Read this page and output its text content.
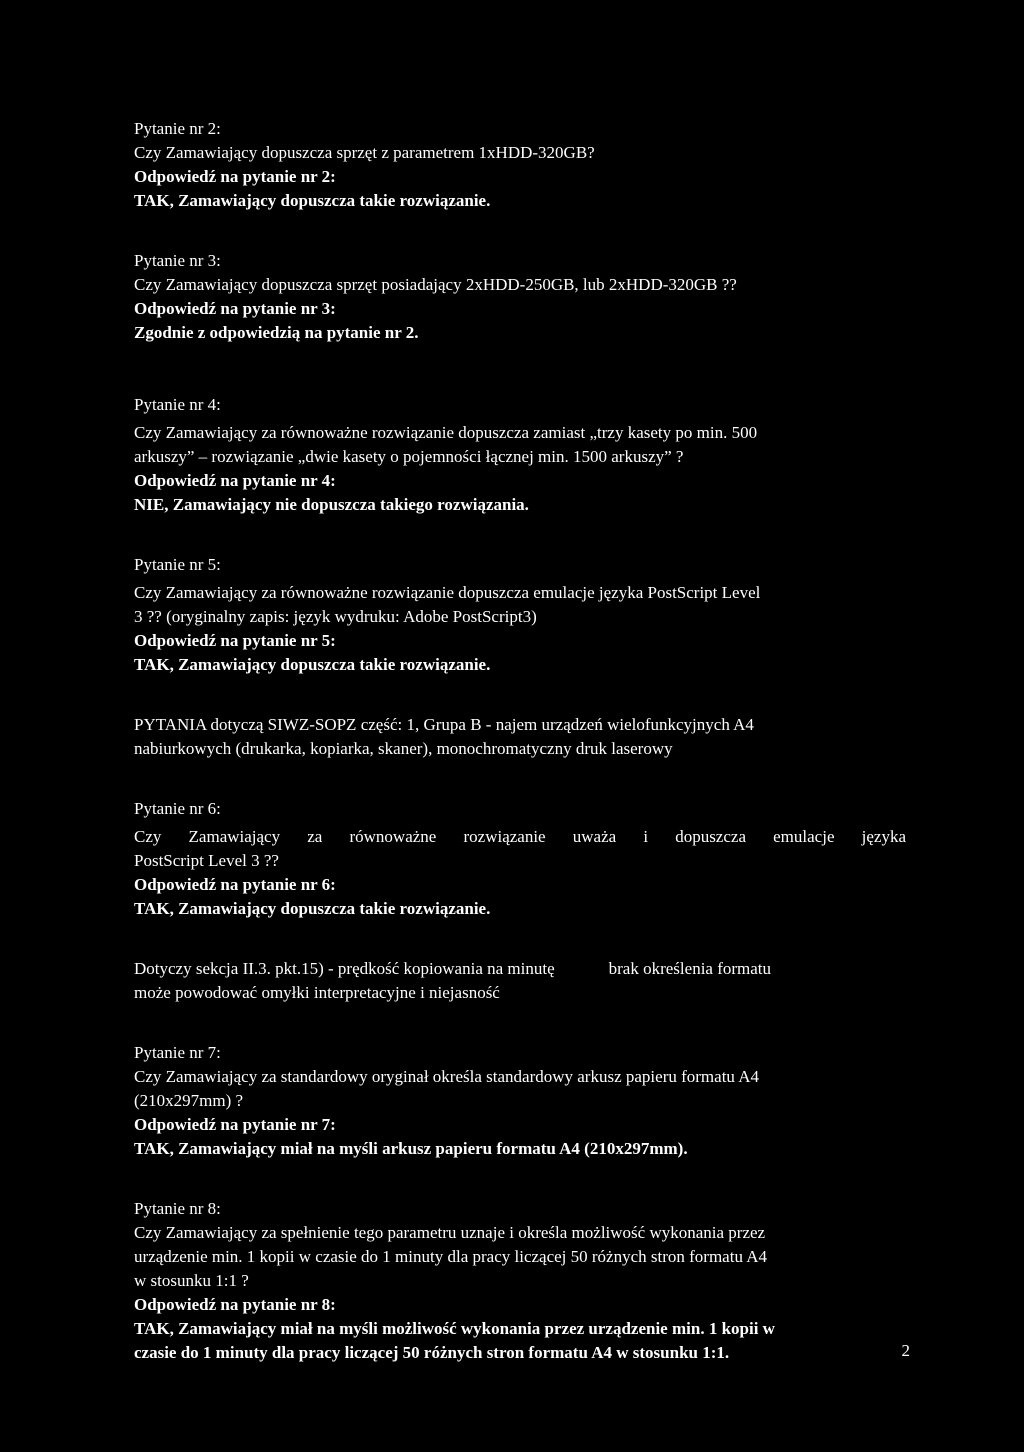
Pytanie nr 2:
Czy Zamawiający dopuszcza sprzęt z parametrem 1xHDD-320GB?
Odpowiedź na pytanie nr 2:
TAK, Zamawiający dopuszcza takie rozwiązanie.
Pytanie nr 3:
Czy Zamawiający dopuszcza sprzęt posiadający 2xHDD-250GB, lub 2xHDD-320GB ??
Odpowiedź na pytanie nr 3:
Zgodnie z odpowiedzią na pytanie nr 2.
Pytanie nr 4:
Czy Zamawiający za równoważne rozwiązanie dopuszcza zamiast „trzy kasety po min. 500
arkuszy” – rozwiązanie „dwie kasety o pojemności łącznej min. 1500 arkuszy” ?
Odpowiedź na pytanie nr 4:
NIE, Zamawiający nie dopuszcza takiego rozwiązania.
Pytanie nr 5:
Czy Zamawiający za równoważne rozwiązanie dopuszcza emulacje języka PostScript Level
3 ?? (oryginalny zapis: język wydruku: Adobe PostScript3)
Odpowiedź na pytanie nr 5:
TAK, Zamawiający dopuszcza takie rozwiązanie.
PYTANIA dotyczą SIWZ-SOPZ część: 1, Grupa B - najem urządzeń wielofunkcyjnych A4
nabiurkowych (drukarka, kopiarka, skaner), monochromatyczny druk laserowy
Pytanie nr 6:
Czy Zamawiający za równoważne rozwiązanie uważa i dopuszcza emulacje języka
PostScript Level 3 ??
Odpowiedź na pytanie nr 6:
TAK, Zamawiający dopuszcza takie rozwiązanie.
Dotyczy sekcja II.3. pkt.15) - prędkość kopiowania na minutę	brak określenia formatu
może powodować omyłki interpretacyjne i niejasność
Pytanie nr 7:
Czy Zamawiający za standardowy oryginał określa standardowy arkusz papieru formatu A4
(210x297mm) ?
Odpowiedź na pytanie nr 7:
TAK, Zamawiający miał na myśli arkusz papieru formatu A4 (210x297mm).
Pytanie nr 8:
Czy Zamawiający za spełnienie tego parametru uznaje i określa możliwość wykonania przez
urządzenie min. 1 kopii w czasie do 1 minuty dla pracy liczącej 50 różnych stron formatu A4
w stosunku 1:1 ?
Odpowiedź na pytanie nr 8:
TAK, Zamawiający miał na myśli możliwość wykonania przez urządzenie min. 1 kopii w
czasie do 1 minuty dla pracy liczącej 50 różnych stron formatu A4 w stosunku 1:1.	2
